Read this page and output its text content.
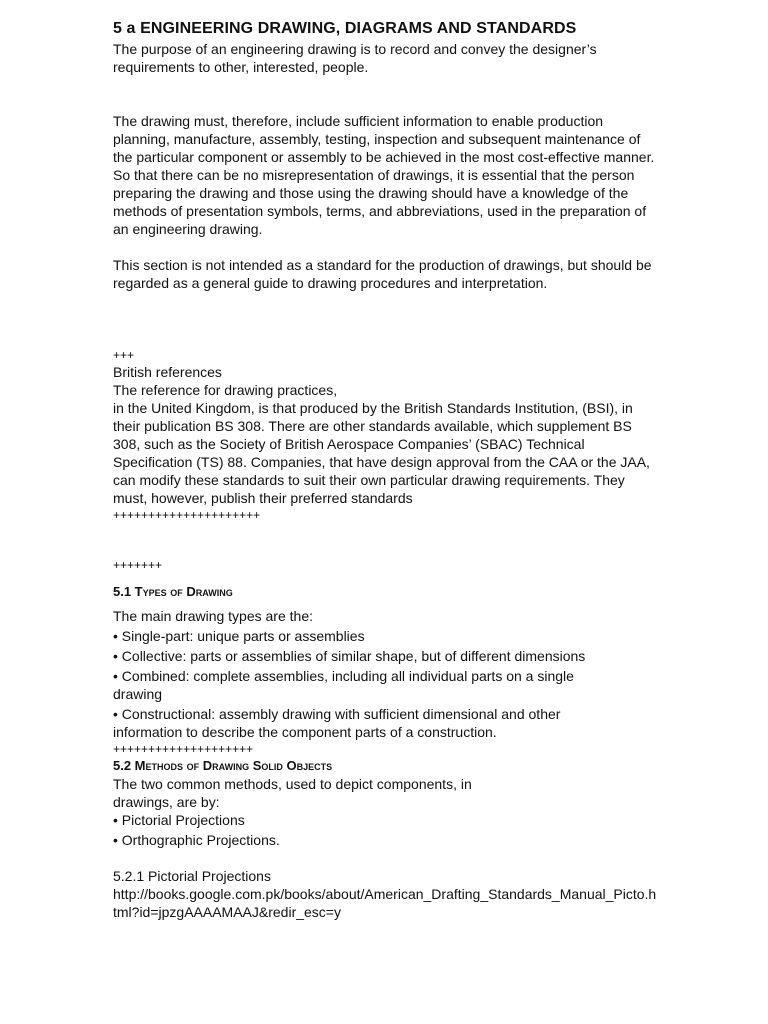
5 a ENGINEERING DRAWING, DIAGRAMS AND STANDARDS

The purpose of an engineering drawing is to record and convey the designer’s requirements to other, interested, people.

The drawing must, therefore, include sufficient information to enable production planning, manufacture, assembly, testing, inspection and subsequent maintenance of the particular component or assembly to be achieved in the most cost-effective manner. So that there can be no misrepresentation of drawings, it is essential that the person preparing the drawing and those using the drawing should have a knowledge of the methods of presentation symbols, terms, and abbreviations, used in the preparation of an engineering drawing.

This section is not intended as a standard for the production of drawings, but should be regarded as a general guide to drawing procedures and interpretation.

+++

British references

The reference for drawing practices,

in the United Kingdom, is that produced by the British Standards Institution, (BSI), in their publication BS 308. There are other standards available, which supplement BS 308, such as the Society of British Aerospace Companies’ (SBAC) Technical Specification (TS) 88. Companies, that have design approval from the CAA or the JAA, can modify these standards to suit their own particular drawing requirements. They must, however, publish their preferred standards

+++++++++++++++++++++

+++++++

5.1 Types of Drawing

The main drawing types are the:

• Single-part: unique parts or assemblies

• Collective: parts or assemblies of similar shape, but of different dimensions

• Combined: complete assemblies, including all individual parts on a single drawing

• Constructional: assembly drawing with sufficient dimensional and other information to describe the component parts of a construction.

++++++++++++++++++++

5.2 Methods of Drawing Solid Objects

The two common methods, used to depict components, in drawings, are by:

• Pictorial Projections

• Orthographic Projections.

5.2.1 Pictorial Projections

http://books.google.com.pk/books/about/American_Drafting_Standards_Manual_Picto.html?id=jpzgAAAAMAAJ&redir_esc=y
